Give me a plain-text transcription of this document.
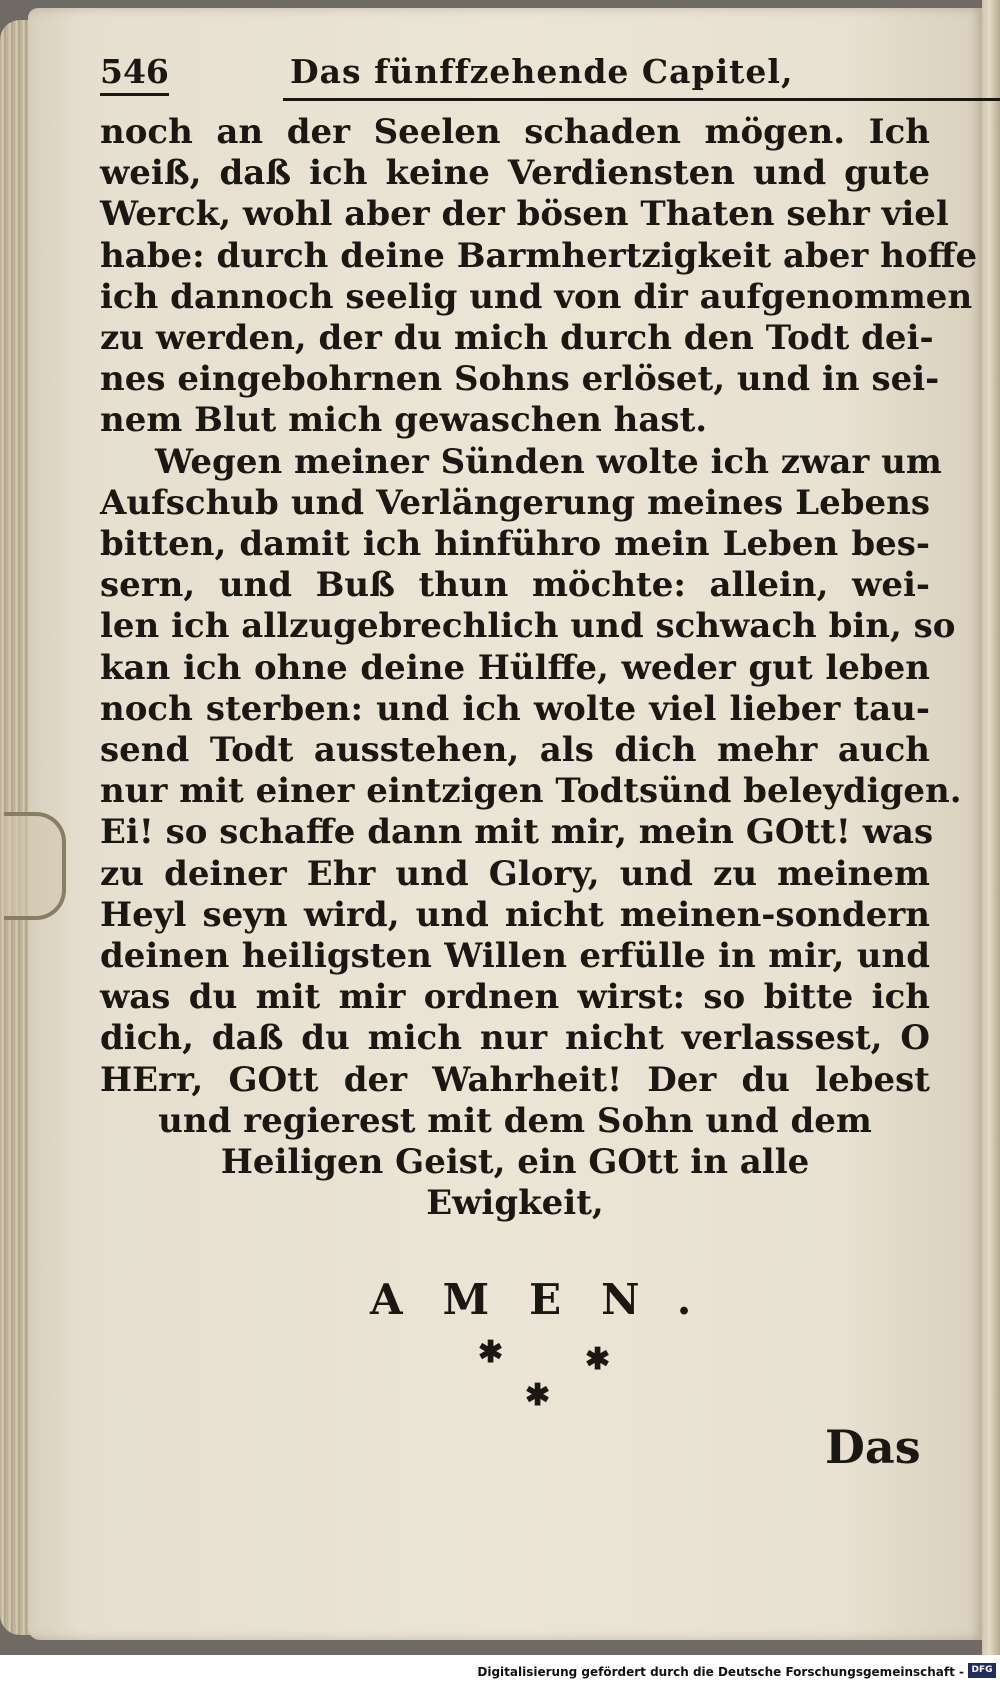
546	Das fünffzehende Capitel,
noch an der Seelen schaden mögen. Ich
weiß, daß ich keine Verdiensten und gute
Werck, wohl aber der bösen Thaten sehr viel
habe: durch deine Barmhertzigkeit aber hoffe
ich dannoch seelig und von dir aufgenommen
zu werden, der du mich durch den Todt dei-
nes eingebohrnen Sohns erlöset, und in sei-
nem Blut mich gewaschen hast.
Wegen meiner Sünden wolte ich zwar um
Aufschub und Verlängerung meines Lebens
bitten, damit ich hinführo mein Leben bes-
sern, und Buß thun möchte: allein, wei-
len ich allzugebrechlich und schwach bin, so
kan ich ohne deine Hülffe, weder gut leben
noch sterben: und ich wolte viel lieber tau-
send Todt ausstehen, als dich mehr auch
nur mit einer eintzigen Todtsünd beleydigen.
Ei! so schaffe dann mit mir, mein GOtt! was
zu deiner Ehr und Glory, und zu meinem
Heyl seyn wird, und nicht meinen-sondern
deinen heiligsten Willen erfülle in mir, und
was du mit mir ordnen wirst: so bitte ich
dich, daß du mich nur nicht verlassest, O
HErr, GOtt der Wahrheit! Der du lebest
und regierest mit dem Sohn und dem
Heiligen Geist, ein GOtt in alle
Ewigkeit,
AMEN.
✱	✱
✱
Das
Digitalisierung gefördert durch die Deutsche Forschungsgemeinschaft - DFG
